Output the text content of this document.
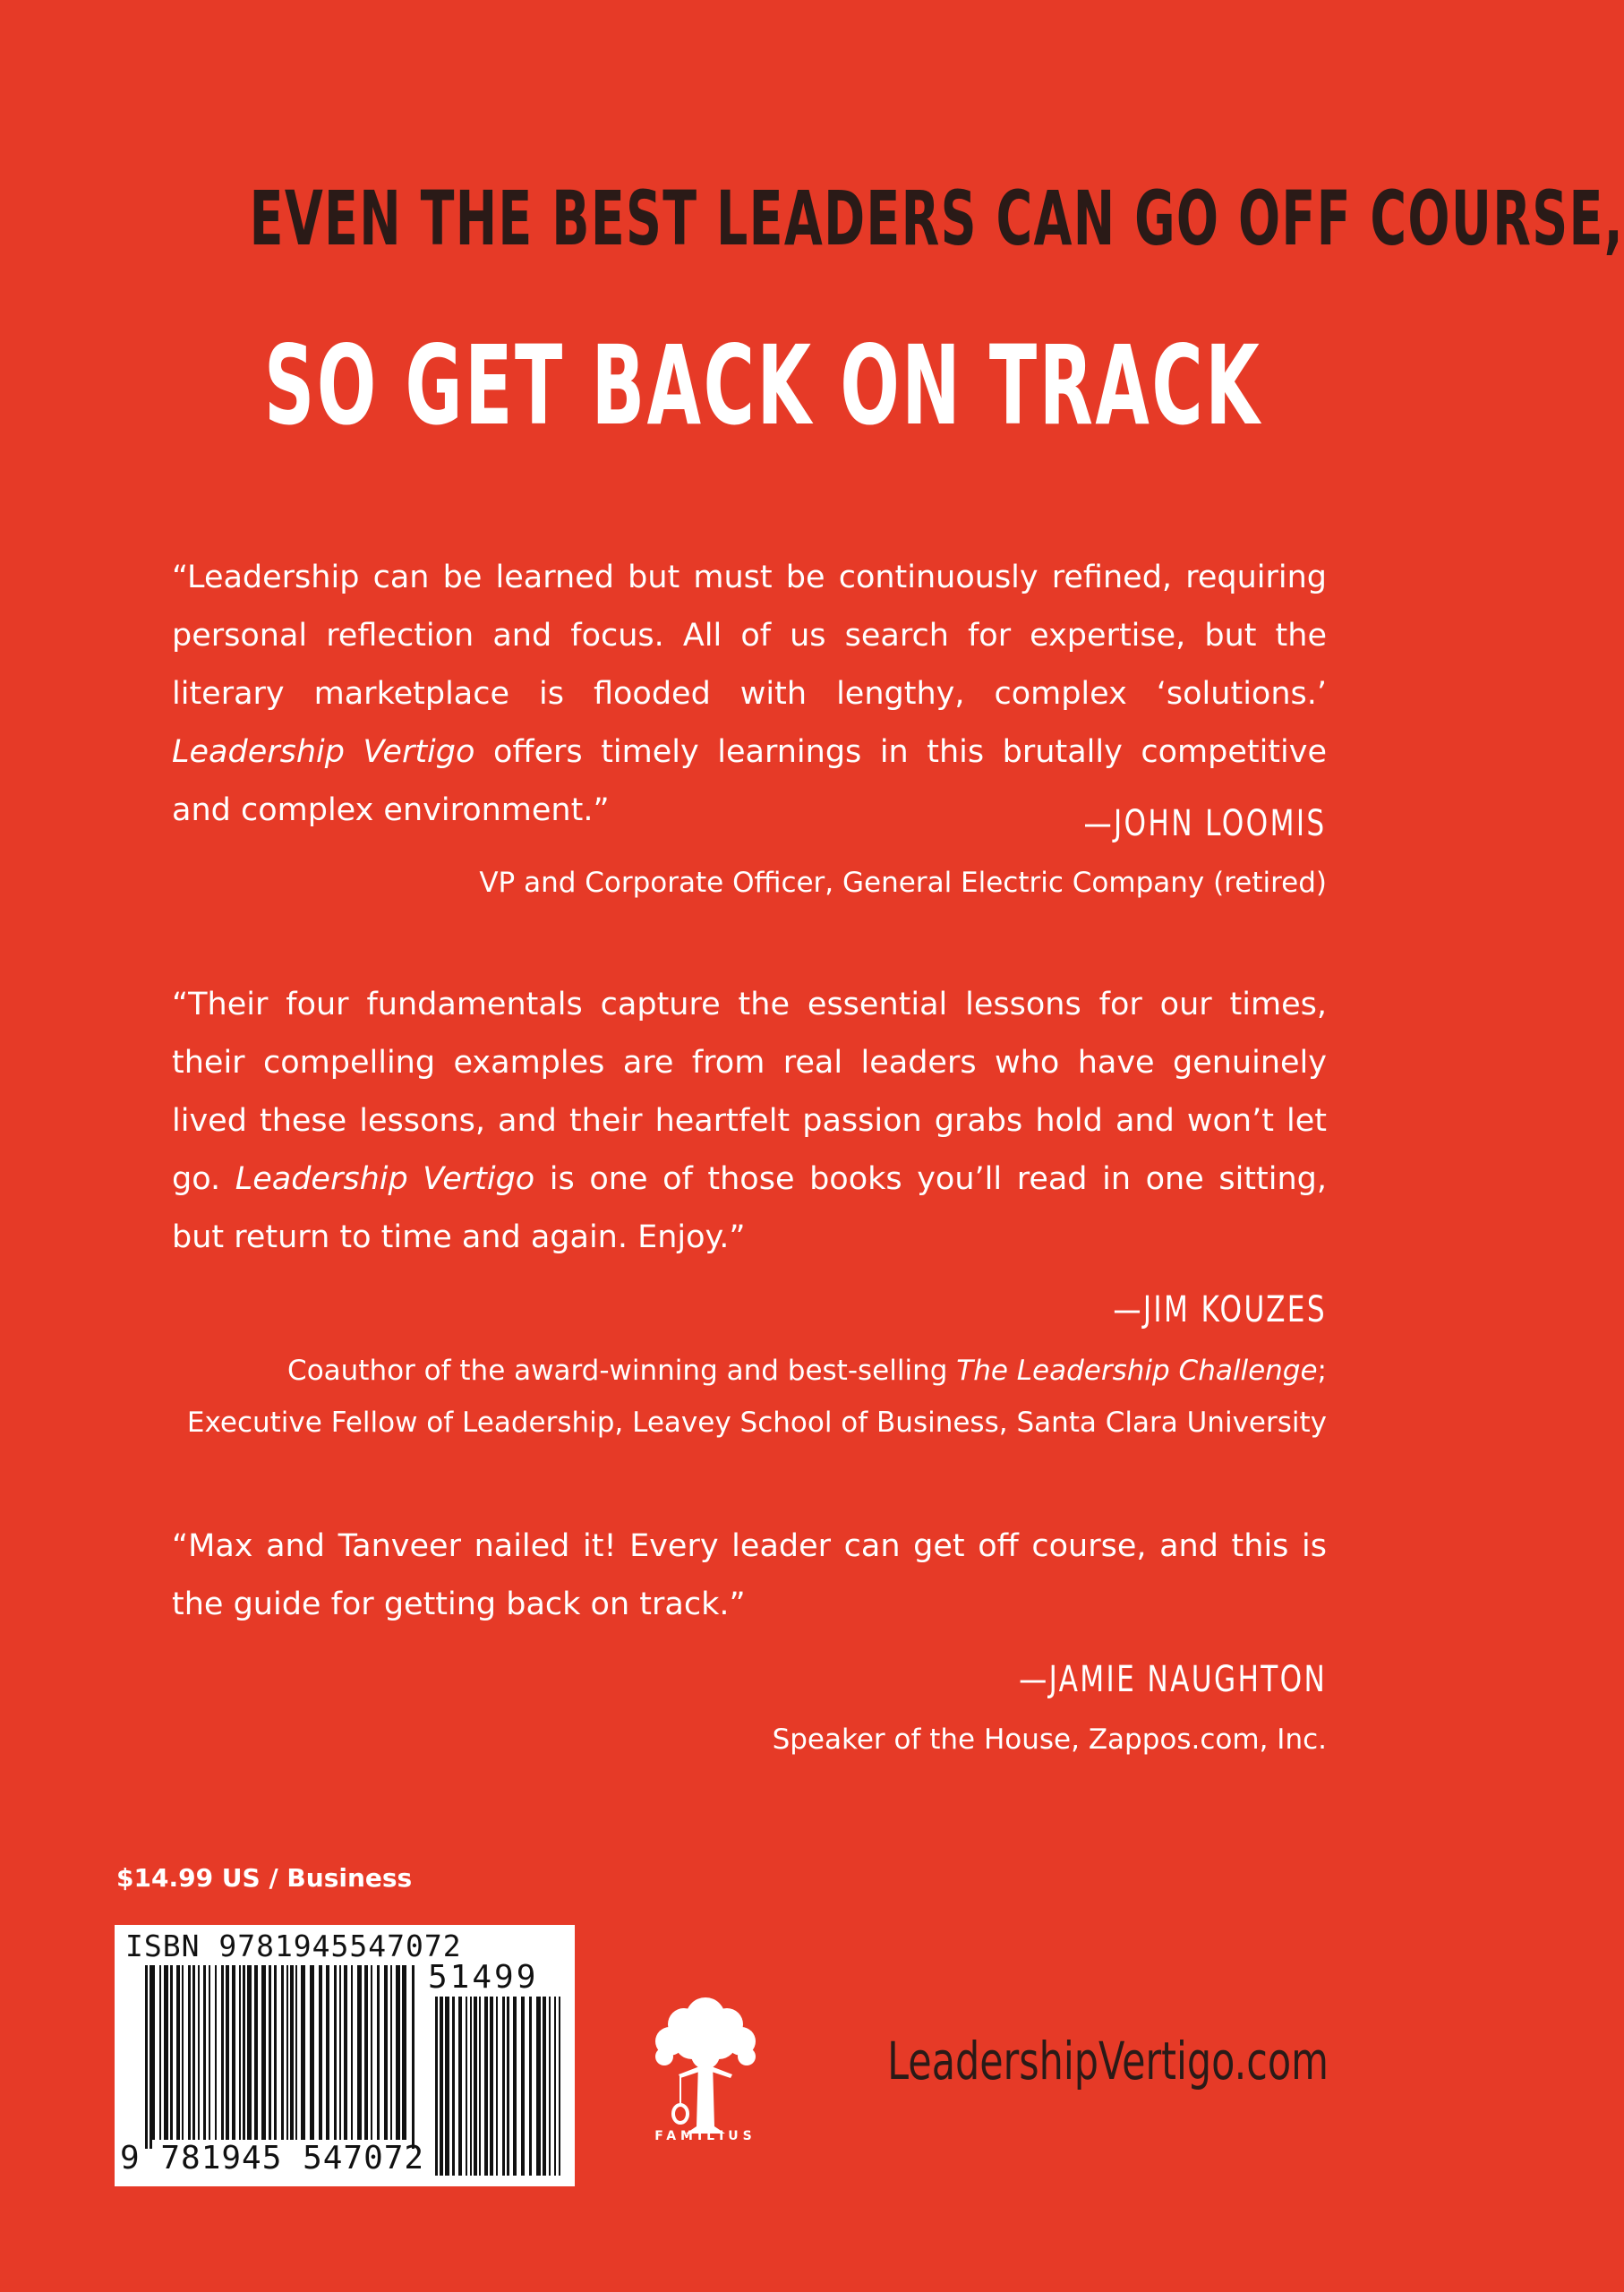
EVEN THE BEST LEADERS CAN GO OFF COURSE,
SO GET BACK ON TRACK

“Leadership can be learned but must be continuously refined, requiring personal reflection and focus. All of us search for expertise, but the literary marketplace is flooded with lengthy, complex ‘solutions.’ Leadership Vertigo offers timely learnings in this brutally competitive and complex environment.”	—JOHN LOOMIS

VP and Corporate Officer, General Electric Company (retired)

“Their four fundamentals capture the essential lessons for our times, their compelling examples are from real leaders who have genuinely lived these lessons, and their heartfelt passion grabs hold and won’t let go. Leadership Vertigo is one of those books you’ll read in one sitting, but return to time and again. Enjoy.”

—JIM KOUZES

Coauthor of the award-winning and best-selling The Leadership Challenge;

Executive Fellow of Leadership, Leavey School of Business, Santa Clara University

“Max and Tanveer nailed it! Every leader can get off course, and this is the guide for getting back on track.”

—JAMIE NAUGHTON

Speaker of the House, Zappos.com, Inc.

$14.99 US / Business
ISBN 9781945547072
51499
9 781945 547072
FAMILIUS
LeadershipVertigo.com
